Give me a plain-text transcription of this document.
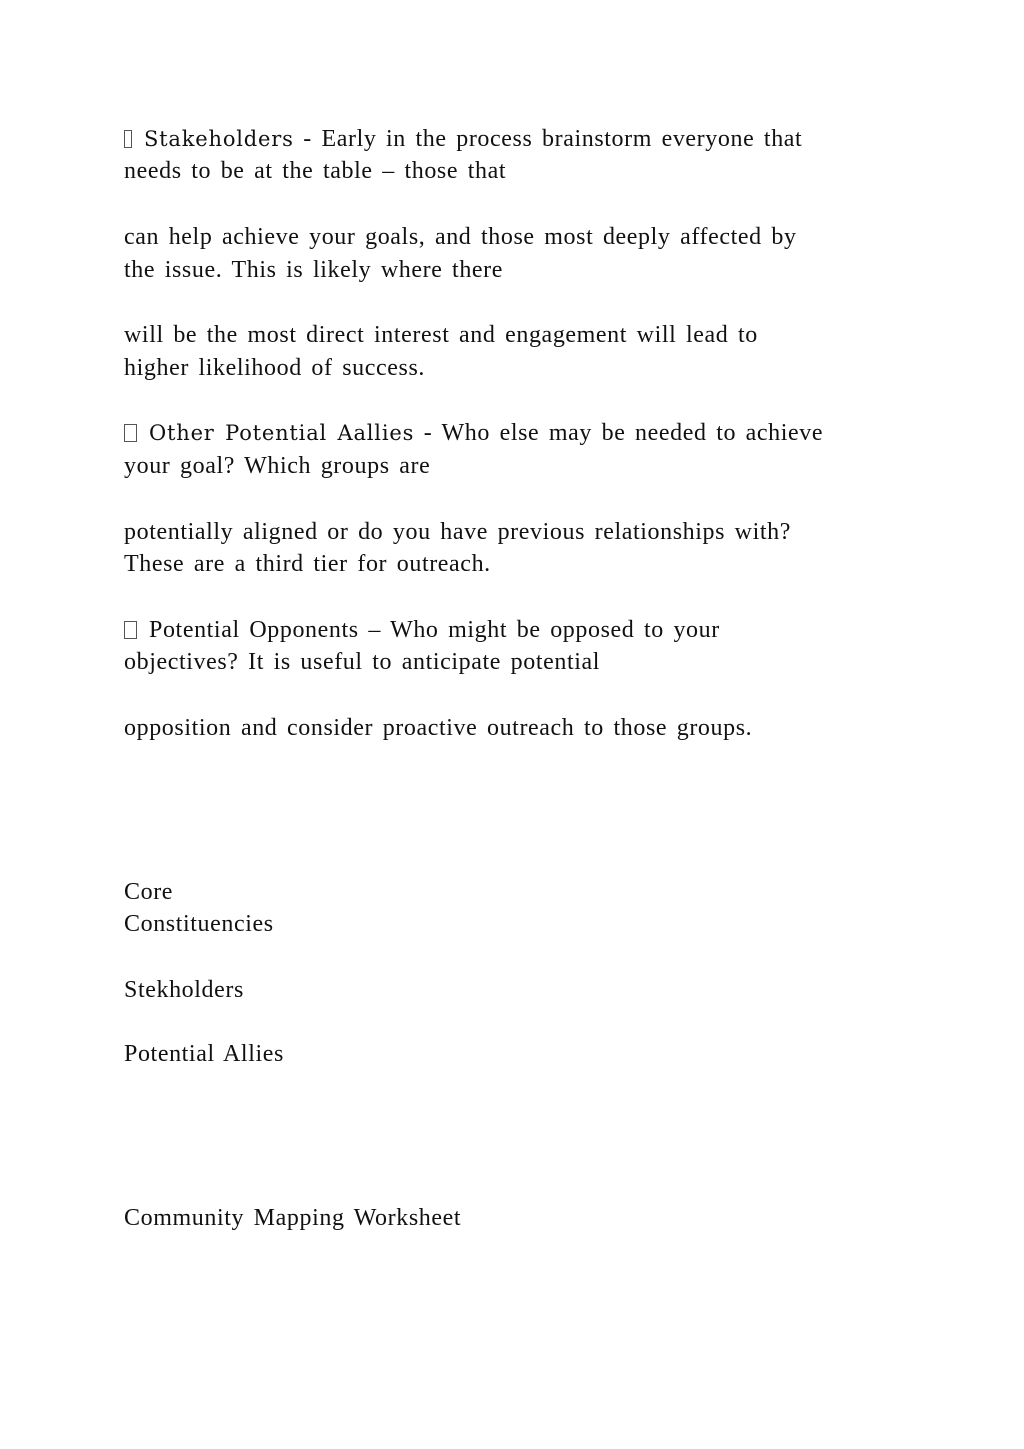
Stakeholders - Early in the process brainstorm everyone that
needs to be at the table – those that
can help achieve your goals, and those most deeply affected by
the issue. This is likely where there
will be the most direct interest and engagement will lead to
higher likelihood of success.
Other Potential Aallies - Who else may be needed to achieve
your goal? Which groups are
potentially aligned or do you have previous relationships with?
These are a third tier for outreach.
Potential Opponents – Who might be opposed to your
objectives? It is useful to anticipate potential
opposition and consider proactive outreach to those groups.
Core
Constituencies
Stekholders
Potential Allies
Community Mapping Worksheet
